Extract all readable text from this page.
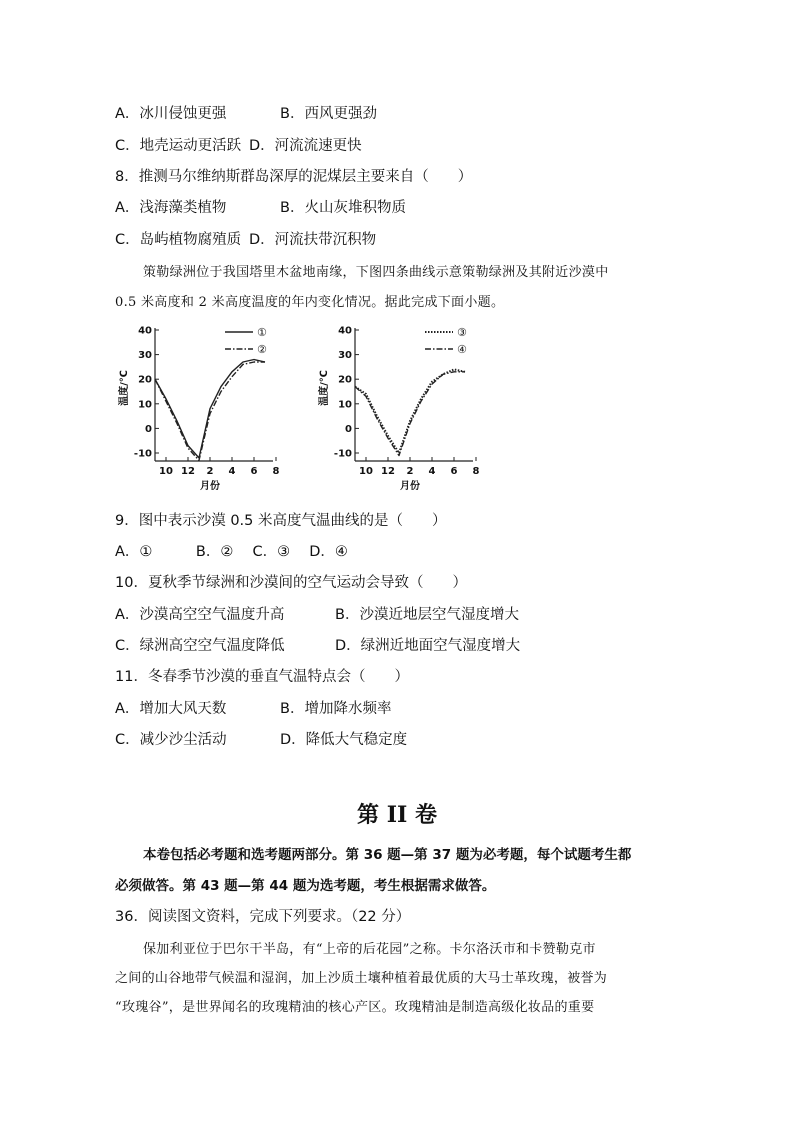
A．冰川侵蚀更强	B．西风更强劲
C．地壳运动更活跃 D．河流流速更快
8．推测马尔维纳斯群岛深厚的泥煤层主要来自（　　）
A．浅海藻类植物	B．火山灰堆积物质
C．岛屿植物腐殖质 D．河流扶带沉积物
策勒绿洲位于我国塔里木盆地南缘，下图四条曲线示意策勒绿洲及其附近沙漠中
0.5 米高度和 2 米高度温度的年内变化情况。据此完成下面小题。
40
30
20
10
0
-10
10 12 2 4 6 8
月份
温度/℃
①
②
40
30
20
10
0
-10
10 12 2 4 6 8
月份
温度/℃
③
④
9．图中表示沙漠 0.5 米高度气温曲线的是（　　）
A．①　　　B．②　 C．③　 D．④
10．夏秋季节绿洲和沙漠间的空气运动会导致（　　）
A．沙漠高空空气温度升高	B．沙漠近地层空气湿度增大
C．绿洲高空空气温度降低	D．绿洲近地面空气湿度增大
11．冬春季节沙漠的垂直气温特点会（　　）
A．增加大风天数	B．增加降水频率
C．减少沙尘活动	D．降低大气稳定度
第 II 卷
本卷包括必考题和选考题两部分。第 36 题—第 37 题为必考题，每个试题考生都
必须做答。第 43 题—第 44 题为选考题，考生根据需求做答。
36．阅读图文资料，完成下列要求。（22 分）
保加利亚位于巴尔干半岛，有“上帝的后花园”之称。卡尔洛沃市和卡赞勒克市
之间的山谷地带气候温和湿润，加上沙质土壤种植着最优质的大马士革玫瑰，被誉为
“玫瑰谷”，是世界闻名的玫瑰精油的核心产区。玫瑰精油是制造高级化妆品的重要
